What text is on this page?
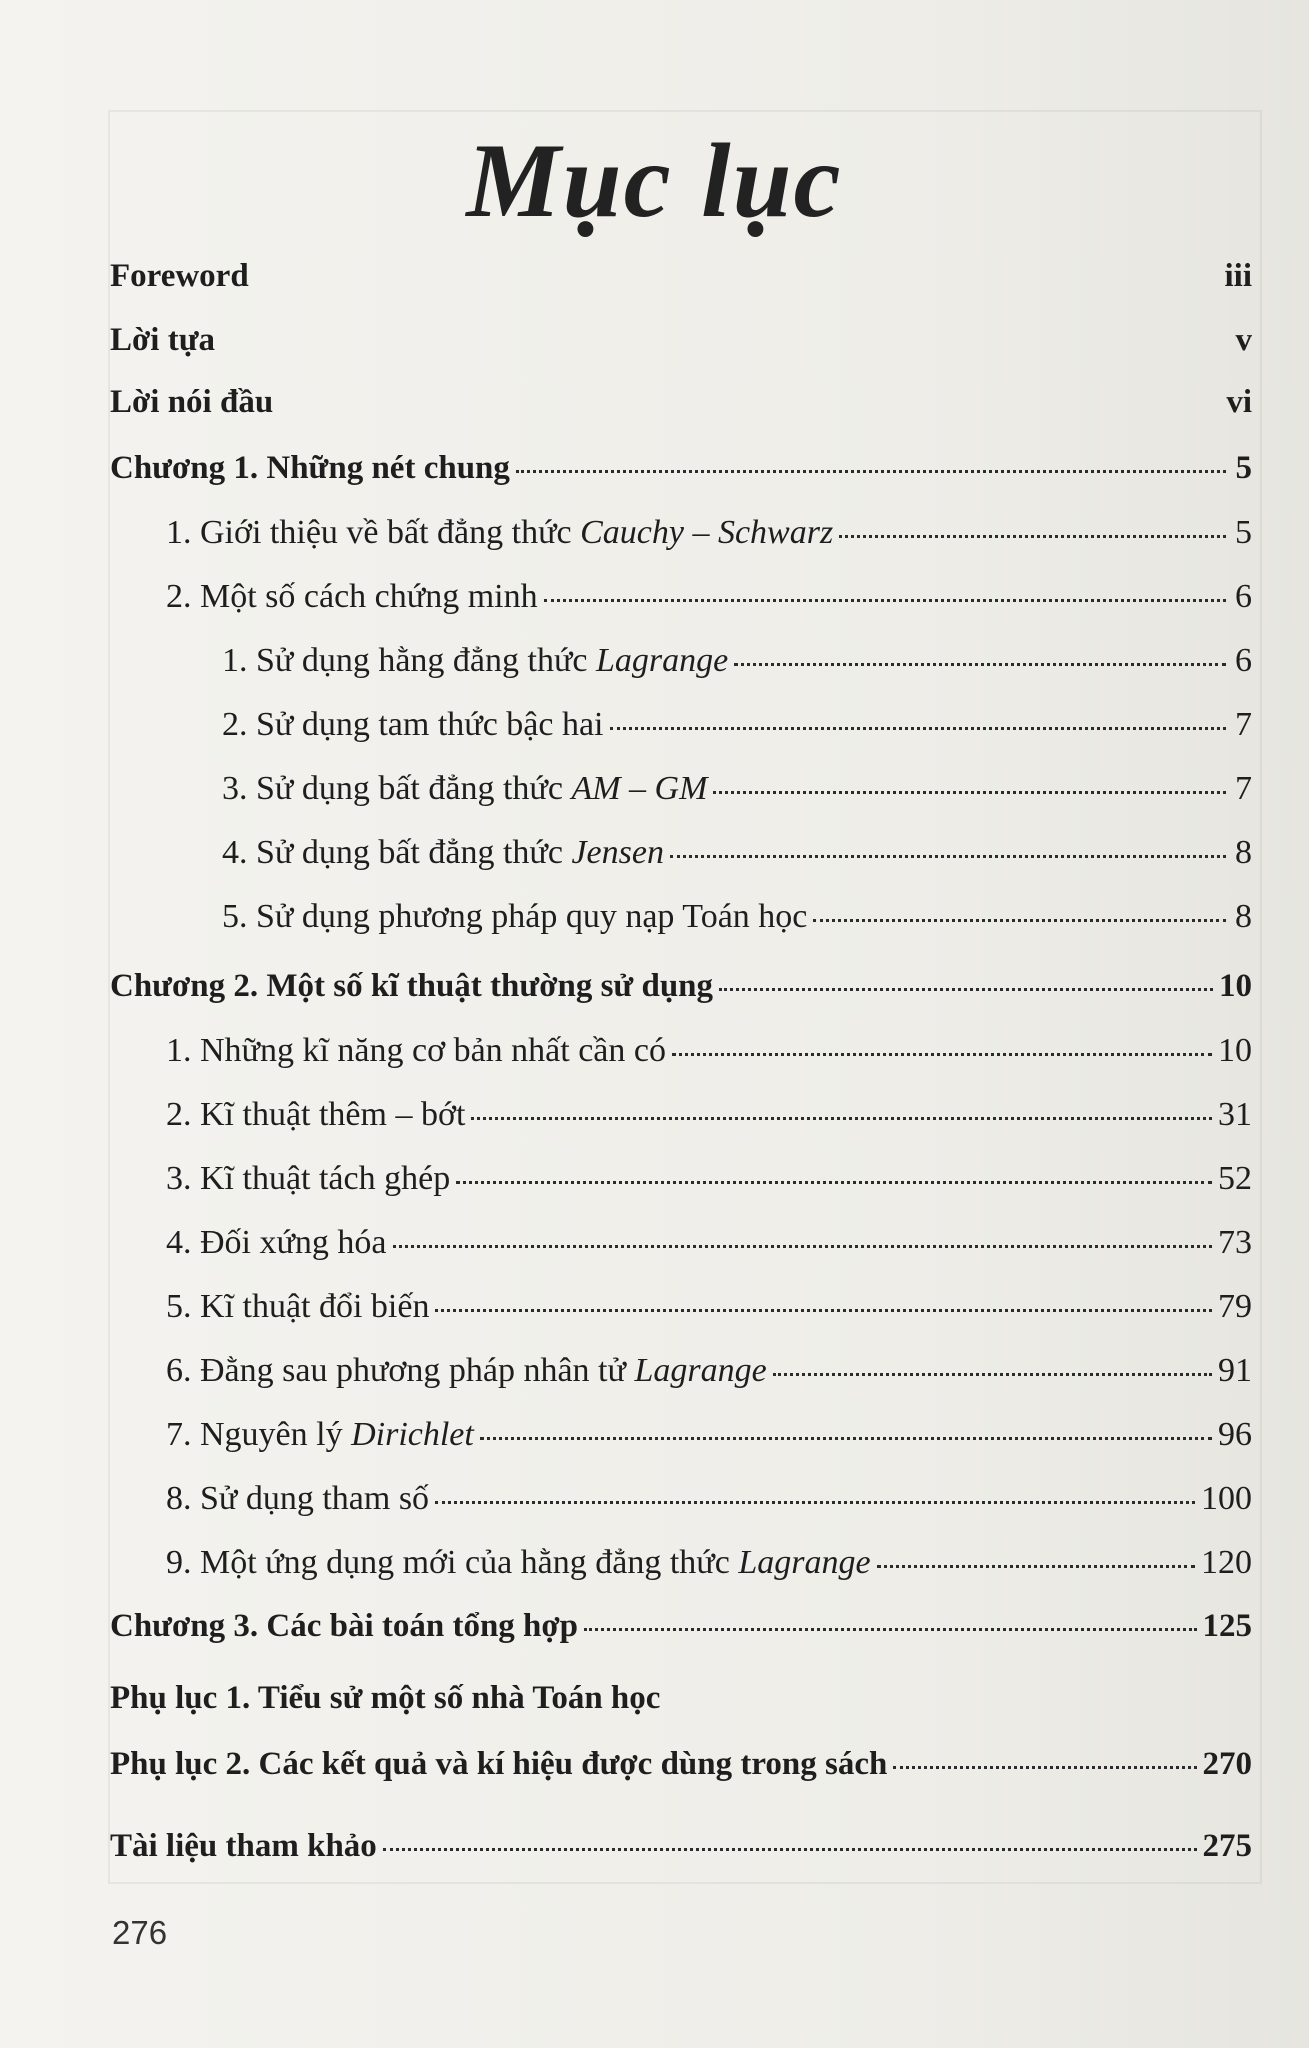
Mục lục
Foreword	iii
Lời tựa	v
Lời nói đầu	vi
Chương 1. Những nét chung	5
1. Giới thiệu về bất đẳng thức Cauchy – Schwarz	5
2. Một số cách chứng minh	6
1. Sử dụng hằng đẳng thức Lagrange	6
2. Sử dụng tam thức bậc hai	7
3. Sử dụng bất đẳng thức AM – GM	7
4. Sử dụng bất đẳng thức Jensen	8
5. Sử dụng phương pháp quy nạp Toán học	8
Chương 2. Một số kĩ thuật thường sử dụng	10
1. Những kĩ năng cơ bản nhất cần có	10
2. Kĩ thuật thêm – bớt	31
3. Kĩ thuật tách ghép	52
4. Đối xứng hóa	73
5. Kĩ thuật đổi biến	79
6. Đằng sau phương pháp nhân tử Lagrange	91
7. Nguyên lý Dirichlet	96
8. Sử dụng tham số	100
9. Một ứng dụng mới của hằng đẳng thức Lagrange	120
Chương 3. Các bài toán tổng hợp	125
Phụ lục 1. Tiểu sử một số nhà Toán học
Phụ lục 2. Các kết quả và kí hiệu được dùng trong sách	270
Tài liệu tham khảo	275
276
